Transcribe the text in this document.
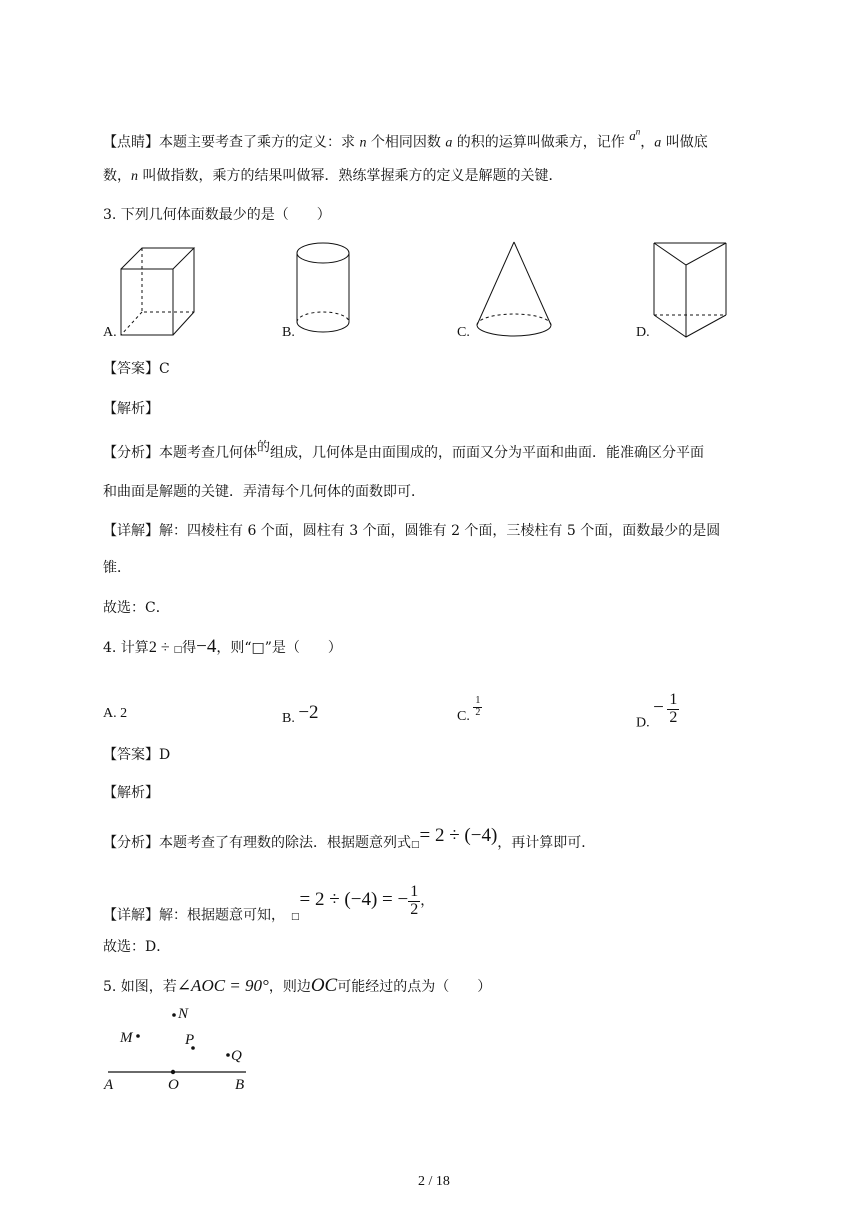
【点睛】本题主要考查了乘方的定义：求 n 个相同因数 a 的积的运算叫做乘方，记作 $a^n$，a 叫做底
数，n 叫做指数，乘方的结果叫做幂．熟练掌握乘方的定义是解题的关键．
3. 下列几何体面数最少的是（　　）
A.	B.	C.	D.
【答案】C
【解析】
【分析】本题考查几何体的组成，几何体是由面围成的，而面又分为平面和曲面．能准确区分平面
和曲面是解题的关键．弄清每个几何体的面数即可．
【详解】解：四棱柱有 6 个面，圆柱有 3 个面，圆锥有 2 个面，三棱柱有 5 个面，面数最少的是圆
锥．
故选：C．
4. 计算2 ÷ □得−4，则“□”是（　　）
A. 2	B. −2	C. $\frac{1}{2}$
D. − $\frac{1}{2}$
【答案】D
【解析】
【分析】本题考查了有理数的除法．根据题意列式□= 2 ÷ (−4)，再计算即可．
【详解】解：根据题意可知， □= 2 ÷ (−4) = − $\frac{1}{2}$ ，
故选：D．
5. 如图，若∠AOC = 90°，则边OC可能经过的点为（　　）
N
M	P
Q
A	O	B
2 / 18
